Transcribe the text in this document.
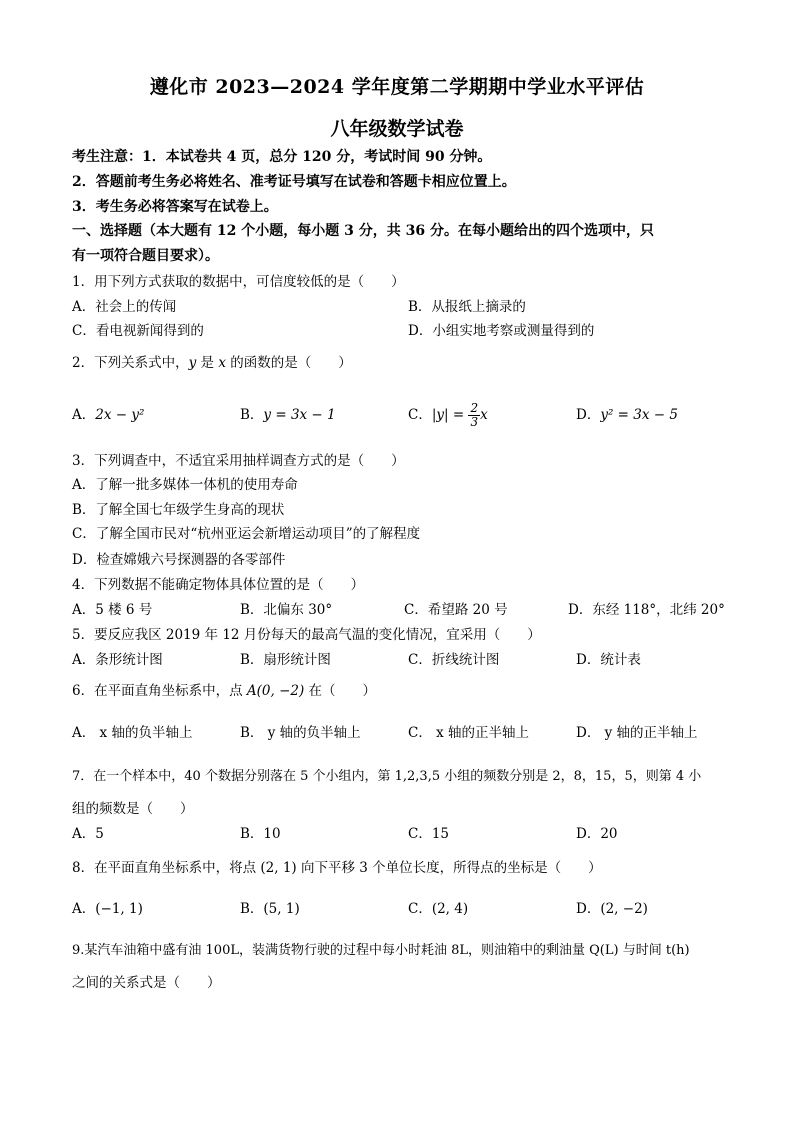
遵化市 2023—2024 学年度第二学期期中学业水平评估
八年级数学试卷
考生注意：1．本试卷共 4 页，总分 120 分，考试时间 90 分钟。
2．答题前考生务必将姓名、准考证号填写在试卷和答题卡相应位置上。
3．考生务必将答案写在试卷上。
一、选择题（本大题有 12 个小题，每小题 3 分，共 36 分。在每小题给出的四个选项中，只
有一项符合题目要求）。
1．用下列方式获取的数据中，可信度较低的是（　　）
A．社会上的传闻	B．从报纸上摘录的
C．看电视新闻得到的	D．小组实地考察或测量得到的
2．下列关系式中，y 是 x 的函数的是（　　）
A．2x − y²	B．y = 3x − 1	C．$|y| = \frac{2}{3}$ x	D．y² = 3x − 5
3．下列调查中，不适宜采用抽样调查方式的是（　　）
A．了解一批多媒体一体机的使用寿命
B．了解全国七年级学生身高的现状
C．了解全国市民对“杭州亚运会新增运动项目”的了解程度
D．检查嫦娥六号探测器的各零部件
4．下列数据不能确定物体具体位置的是（　　）
A．5 楼 6 号	B．北偏东 30°	C．希望路 20 号	D．东经 118°，北纬 20°
5．要反应我区 2019 年 12 月份每天的最高气温的变化情况，宜采用（　　）
A．条形统计图	B．扇形统计图	C．折线统计图	D．统计表
6．在平面直角坐标系中，点 A(0, −2) 在（　　）
A． x 轴的负半轴上	B． y 轴的负半轴上	C． x 轴的正半轴上	D． y 轴的正半轴上
7．在一个样本中，40 个数据分别落在 5 个小组内，第 1,2,3,5 小组的频数分别是 2，8，15，5，则第 4 小
组的频数是（　　）
A．5	B．10	C．15	D．20
8．在平面直角坐标系中，将点 (2, 1) 向下平移 3 个单位长度，所得点的坐标是（　　）
A．(−1, 1)	B．(5, 1)	C．(2, 4)	D．(2, −2)
9.某汽车油箱中盛有油 100L，装满货物行驶的过程中每小时耗油 8L，则油箱中的剩油量 Q(L) 与时间 t(h)
之间的关系式是（　　）
